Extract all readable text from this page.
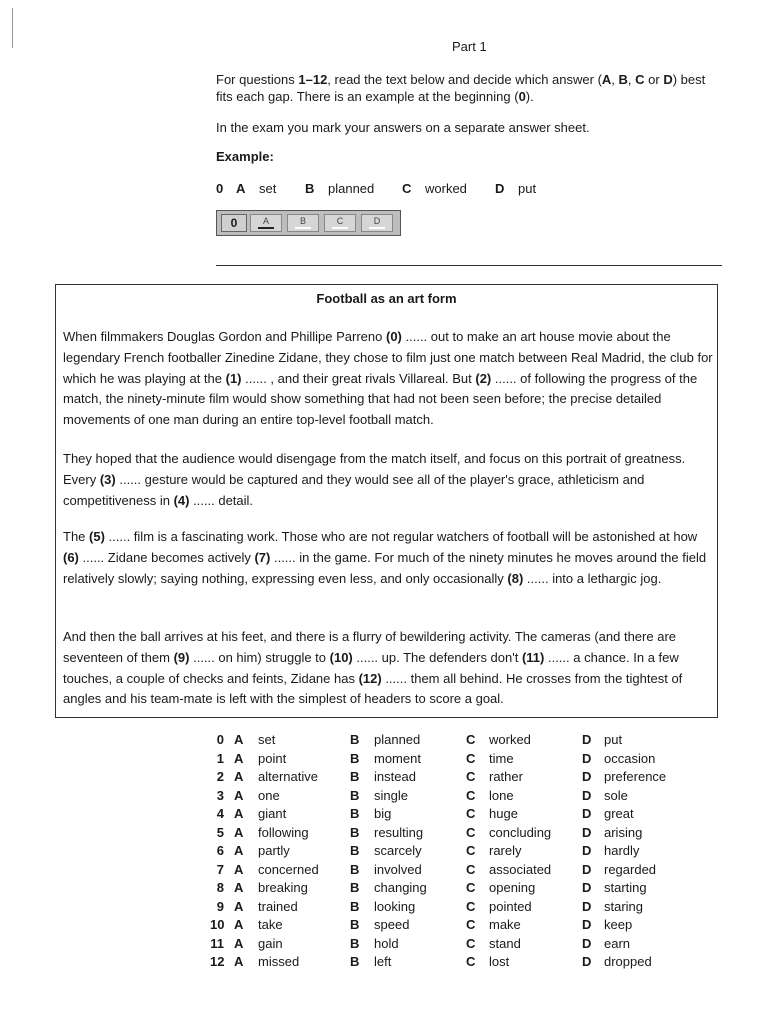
Part 1
For questions 1–12, read the text below and decide which answer (A, B, C or D) best
fits each gap. There is an example at the beginning (0).
In the exam you mark your answers on a separate answer sheet.
Example:
0 A set B planned C worked D put
0	A	B	C	D
Football as an art form
When filmmakers Douglas Gordon and Phillipe Parreno (0) ...... out to make an art house movie about the legendary French footballer Zinedine Zidane, they chose to film just one match between Real Madrid, the club for which he was playing at the (1) ...... , and their great rivals Villareal. But (2) ...... of following the progress of the match, the ninety-minute film would show something that had not been seen before; the precise detailed movements of one man during an entire top-level football match.
They hoped that the audience would disengage from the match itself, and focus on this portrait of greatness. Every (3) ...... gesture would be captured and they would see all of the player's grace, athleticism and competitiveness in (4) ...... detail.
The (5) ...... film is a fascinating work. Those who are not regular watchers of football will be astonished at how (6) ...... Zidane becomes actively (7) ...... in the game. For much of the ninety minutes he moves around the field relatively slowly; saying nothing, expressing even less, and only occasionally (8) ...... into a lethargic jog.
And then the ball arrives at his feet, and there is a flurry of bewildering activity. The cameras (and there are seventeen of them (9) ...... on him) struggle to (10) ...... up. The defenders don't (11) ...... a chance. In a few touches, a couple of checks and feints, Zidane has (12) ...... them all behind. He crosses from the tightest of angles and his team-mate is left with the simplest of headers to score a goal.
0 A set	B planned	C worked	D put
1 A point	B moment	C time	D occasion
2 A alternative B instead	C rather	D preference
3 A one	B single	C lone	D sole
4 A giant	B big	C huge	D great
5 A following	B resulting	C concluding D arising
6 A partly	B scarcely	C rarely	D hardly
7 A concerned B involved	C associated D regarded
8 A breaking	B changing	C opening	D starting
9 A trained	B looking	C pointed	D staring
10 A take	B speed	C make	D keep
11 A gain	B hold	C stand	D earn
12 A missed	B left	C lost	D dropped
